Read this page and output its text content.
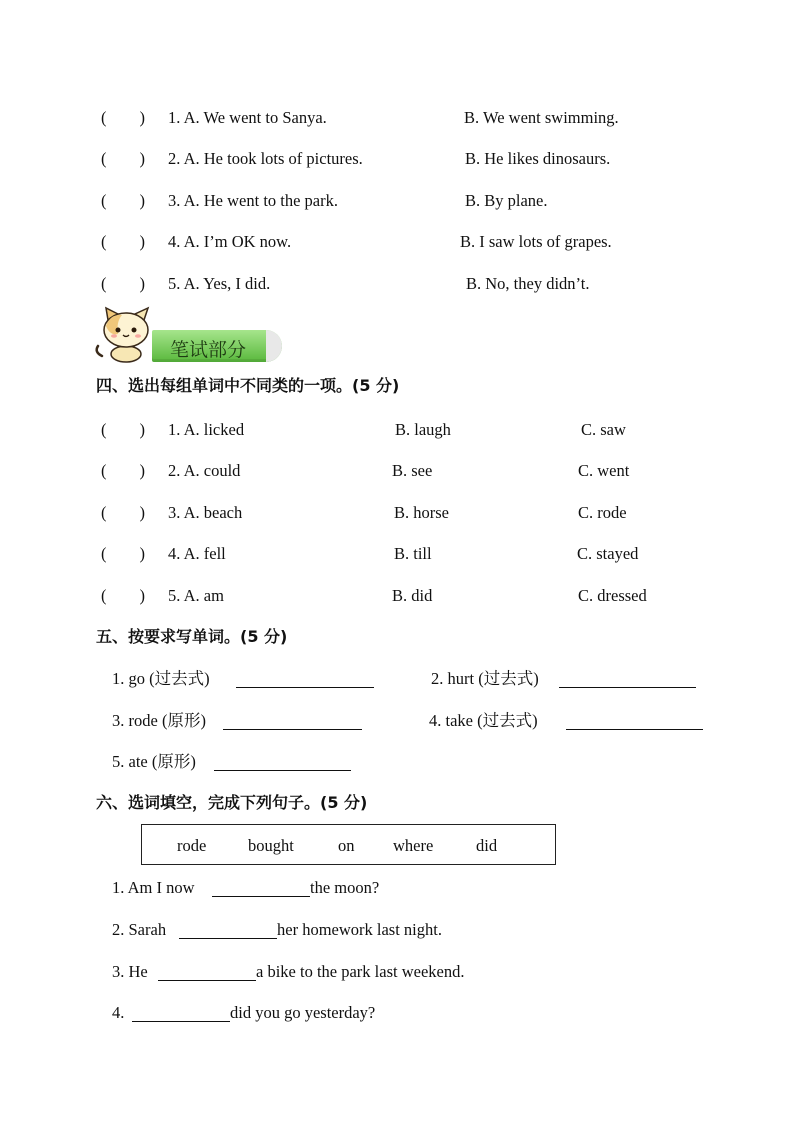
(　　) 1. A. We went to Sanya.	B. We went swimming.
(　　) 2. A. He took lots of pictures.	B. He likes dinosaurs.
(　　) 3. A. He went to the park.	B. By plane.
(　　) 4. A. I’m OK now.	B. I saw lots of grapes.
(　　) 5. A. Yes, I did.	B. No, they didn’t.
笔试部分
四、选出每组单词中不同类的一项。(5 分)
(　　) 1. A. licked	B. laugh	C. saw
(　　) 2. A. could	B. see	C. went
(　　) 3. A. beach	B. horse	C. rode
(　　) 4. A. fell	B. till	C. stayed
(　　) 5. A. am	B. did	C. dressed
五、按要求写单词。(5 分)
1. go (过去式)	2. hurt (过去式)
3. rode (原形)	4. take (过去式)
5. ate (原形)
六、选词填空，完成下列句子。(5 分)
rode	bought	on where	did
1. Am I now	the moon?
2. Sarah	her homework last night.
3. He	a bike to the park last weekend.
4.	did you go yesterday?
